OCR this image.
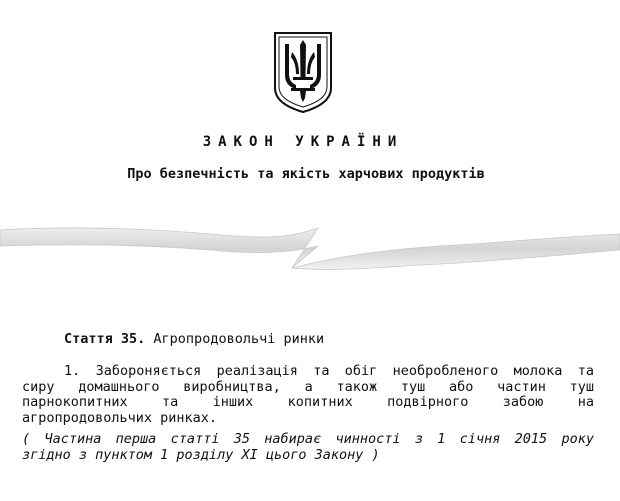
ЗАКОН УКРАЇНИ
Про безпечність та якість харчових продуктів
Стаття 35. Агропродовольчі ринки
1. Забороняється реалізація та обіг необробленого молока та
сиру домашнього виробництва, а також туш або частин туш
парнокопитних та інших копитних подвірного забою на
агропродовольчих ринках.
( Частина перша статті 35 набирає чинності з 1 січня 2015 року
згідно з пунктом 1 розділу XI цього Закону )
